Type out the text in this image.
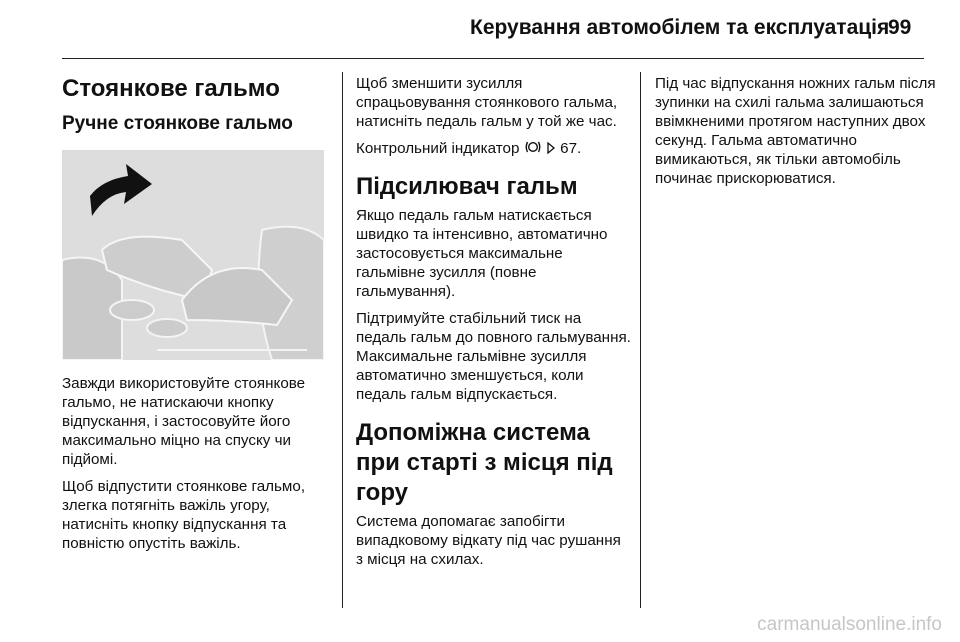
Керування автомобілем та експлуатація
99
Стоянкове гальмо
Ручне стоянкове гальмо

Завжди використовуйте стоянкове гальмо, не натискаючи кнопку відпускання, і застосовуйте його максимально міцно на спуску чи підйомі.

Щоб відпустити стоянкове гальмо, злегка потягніть важіль угору, натисніть кнопку відпускання та повністю опустіть важіль.

Щоб зменшити зусилля спрацьовування стоянкового гальма, натисніть педаль гальм у той же час.

Контрольний індикатор	67.

Підсилювач гальм

Якщо педаль гальм натискається швидко та інтенсивно, автоматично застосовується максимальне гальмівне зусилля (повне гальмування).

Підтримуйте стабільний тиск на педаль гальм до повного гальмування. Максимальне гальмівне зусилля автоматично зменшується, коли педаль гальм відпускається.

Допоміжна система при старті з місця під гору

Система допомагає запобігти випадковому відкату під час рушання з місця на схилах.

Під час відпускання ножних гальм після зупинки на схилі гальма залишаються ввімкненими протягом наступних двох секунд. Гальма автоматично вимикаються, як тільки автомобіль починає прискорюватися.

carmanualsonline.info
